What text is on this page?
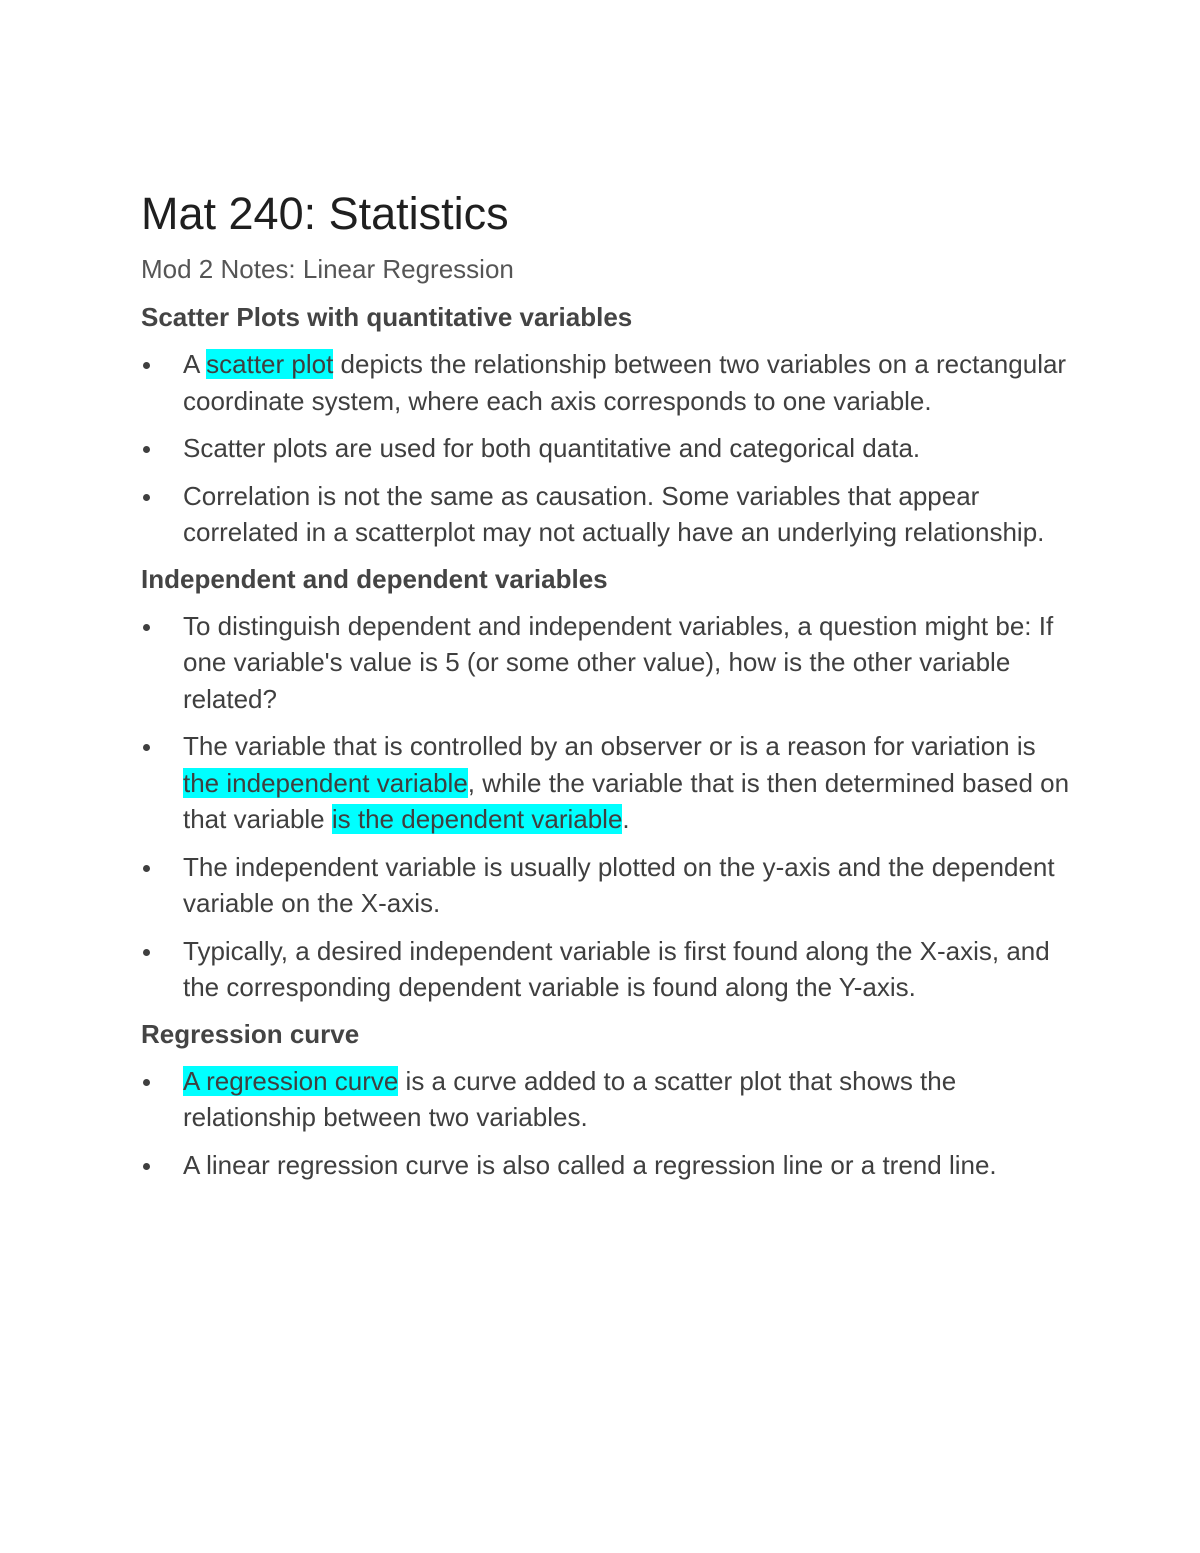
Mat 240: Statistics
Mod 2 Notes: Linear Regression
Scatter Plots with quantitative variables
A scatter plot depicts the relationship between two variables on a rectangular coordinate system, where each axis corresponds to one variable.
Scatter plots are used for both quantitative and categorical data.
Correlation is not the same as causation. Some variables that appear correlated in a scatterplot may not actually have an underlying relationship.
Independent and dependent variables
To distinguish dependent and independent variables, a question might be: If one variable's value is 5 (or some other value), how is the other variable related?
The variable that is controlled by an observer or is a reason for variation is the independent variable, while the variable that is then determined based on that variable is the dependent variable.
The independent variable is usually plotted on the y-axis and the dependent variable on the X-axis.
Typically, a desired independent variable is first found along the X-axis, and the corresponding dependent variable is found along the Y-axis.
Regression curve
A regression curve is a curve added to a scatter plot that shows the relationship between two variables.
A linear regression curve is also called a regression line or a trend line.
